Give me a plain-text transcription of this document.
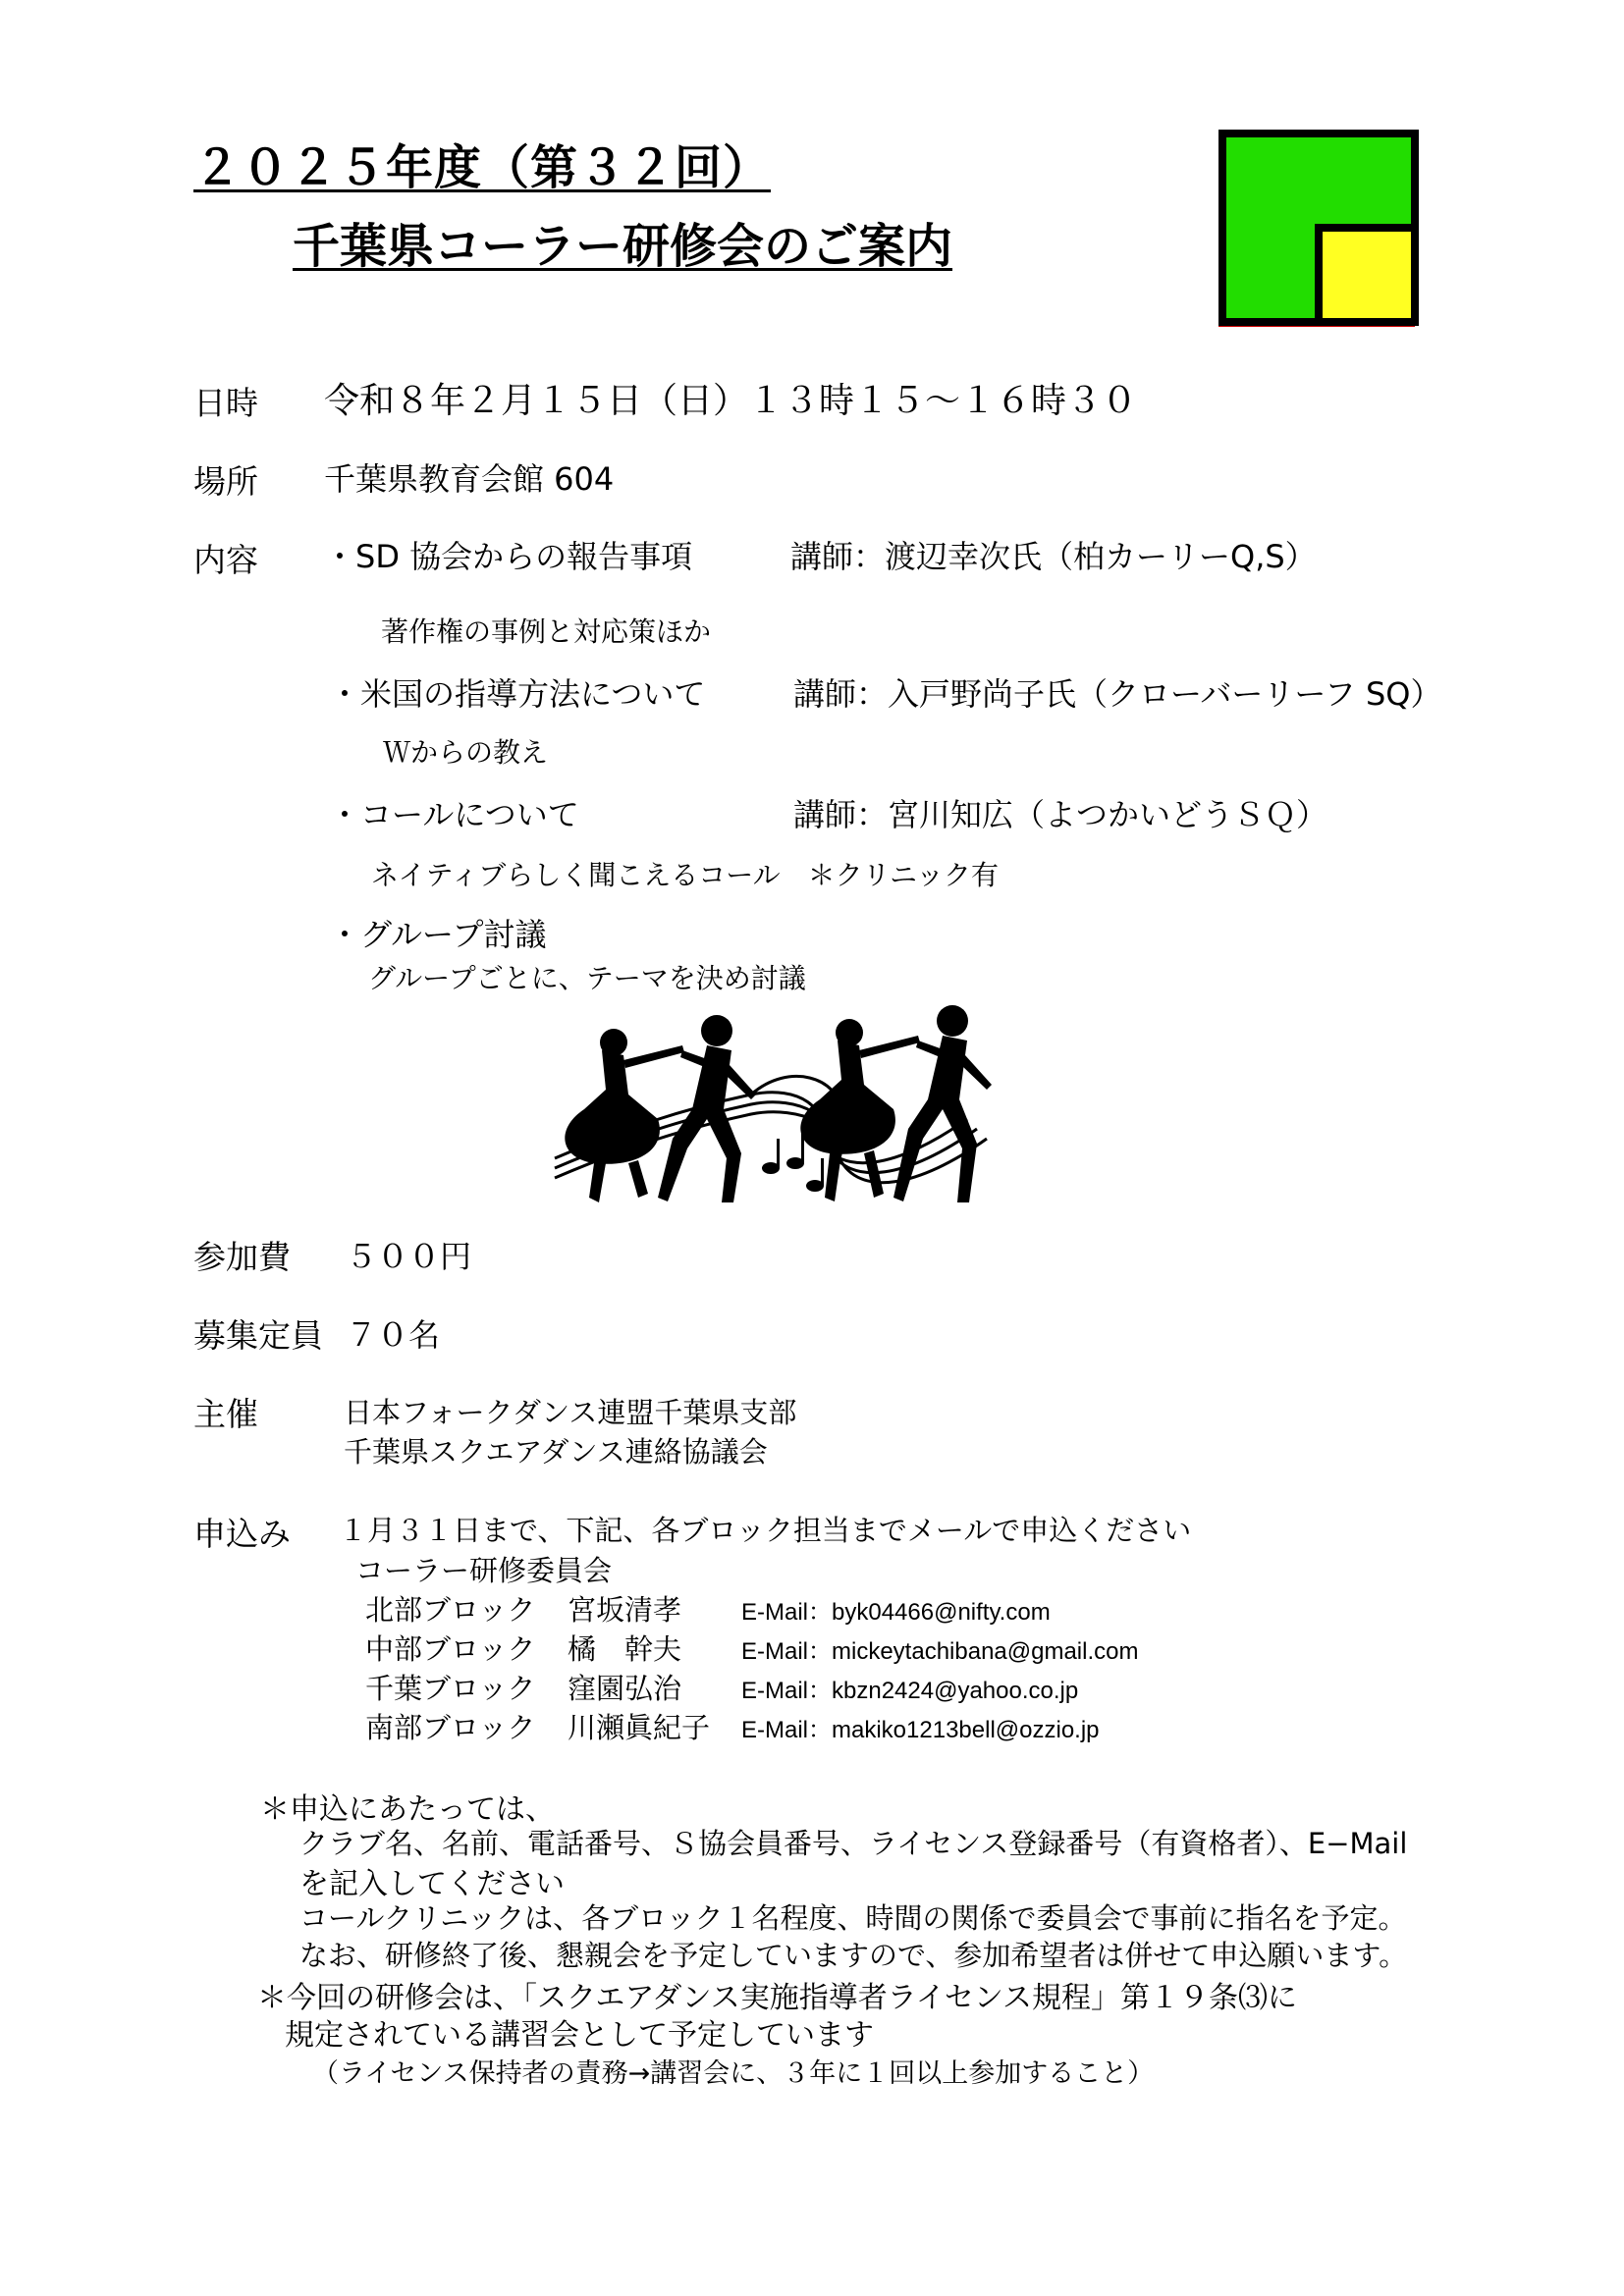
２０２５年度（第３２回）
千葉県コーラー研修会のご案内
日時 令和８年２月１５日（日）１３時１５～１６時３０
場所 千葉県教育会館 604
内容 ・SD 協会からの報告事項	講師：渡辺幸次氏（柏カーリーQ,S）
著作権の事例と対応策ほか
・米国の指導方法について	講師：入戸野尚子氏（クローバーリーフ SQ）
Ｗからの教え
・コールについて	講師：宮川知広（よつかいどうＳＱ）
ネイティブらしく聞こえるコール　＊クリニック有
・グループ討議
グループごとに、テーマを決め討議
参加費 ５００円
募集定員 ７０名
主催	日本フォークダンス連盟千葉県支部
千葉県スクエアダンス連絡協議会
申込み １月３１日まで、下記、各ブロック担当までメールで申込ください
コーラー研修委員会
北部ブロック 宮坂清孝	E-Mail：byk04466@nifty.com
中部ブロック 橘　幹夫	E-Mail：mickeytachibana@gmail.com
千葉ブロック 窪園弘治	E-Mail：kbzn2424@yahoo.co.jp
南部ブロック 川瀬眞紀子 E-Mail：makiko1213bell@ozzio.jp
＊申込にあたっては、
クラブ名、名前、電話番号、Ｓ協会員番号、ライセンス登録番号（有資格者）、E−Mail
を記入してください
コールクリニックは、各ブロック１名程度、時間の関係で委員会で事前に指名を予定。
なお、研修終了後、懇親会を予定していますので、参加希望者は併せて申込願います。
＊今回の研修会は、「スクエアダンス実施指導者ライセンス規程」第１９条⑶に
規定されている講習会として予定しています
（ライセンス保持者の責務→講習会に、３年に１回以上参加すること）
